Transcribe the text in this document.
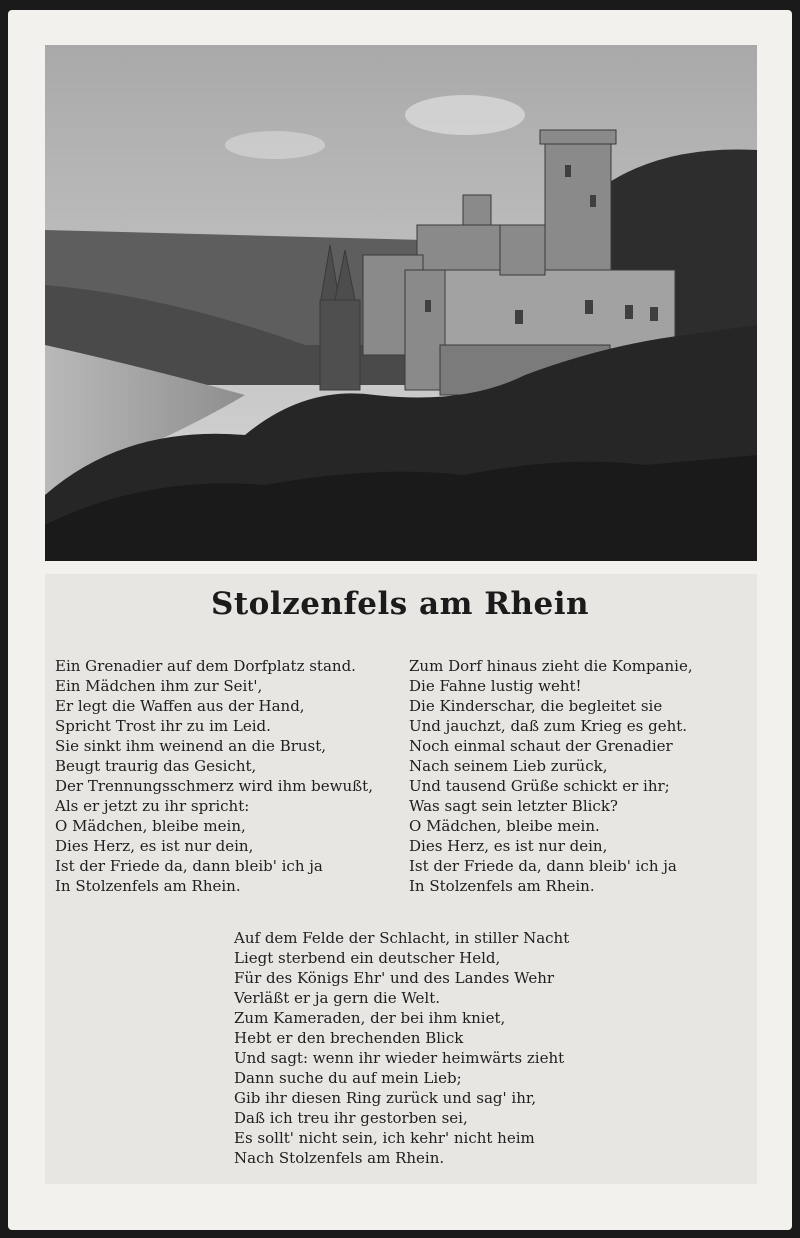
Stolzenfels am Rhein
Ein Grenadier auf dem Dorfplatz stand.
Ein Mädchen ihm zur Seit',
Er legt die Waffen aus der Hand,
Spricht Trost ihr zu im Leid.
Sie sinkt ihm weinend an die Brust,
Beugt traurig das Gesicht,
Der Trennungsschmerz wird ihm bewußt,
Als er jetzt zu ihr spricht:
O Mädchen, bleibe mein,
Dies Herz, es ist nur dein,
Ist der Friede da, dann bleib' ich ja
In Stolzenfels am Rhein.
Zum Dorf hinaus zieht die Kompanie,
Die Fahne lustig weht!
Die Kinderschar, die begleitet sie
Und jauchzt, daß zum Krieg es geht.
Noch einmal schaut der Grenadier
Nach seinem Lieb zurück,
Und tausend Grüße schickt er ihr;
Was sagt sein letzter Blick?
O Mädchen, bleibe mein.
Dies Herz, es ist nur dein,
Ist der Friede da, dann bleib' ich ja
In Stolzenfels am Rhein.
Auf dem Felde der Schlacht, in stiller Nacht
Liegt sterbend ein deutscher Held,
Für des Königs Ehr' und des Landes Wehr
Verläßt er ja gern die Welt.
Zum Kameraden, der bei ihm kniet,
Hebt er den brechenden Blick
Und sagt: wenn ihr wieder heimwärts zieht
Dann suche du auf mein Lieb;
Gib ihr diesen Ring zurück und sag' ihr,
Daß ich treu ihr gestorben sei,
Es sollt' nicht sein, ich kehr' nicht heim
Nach Stolzenfels am Rhein.
